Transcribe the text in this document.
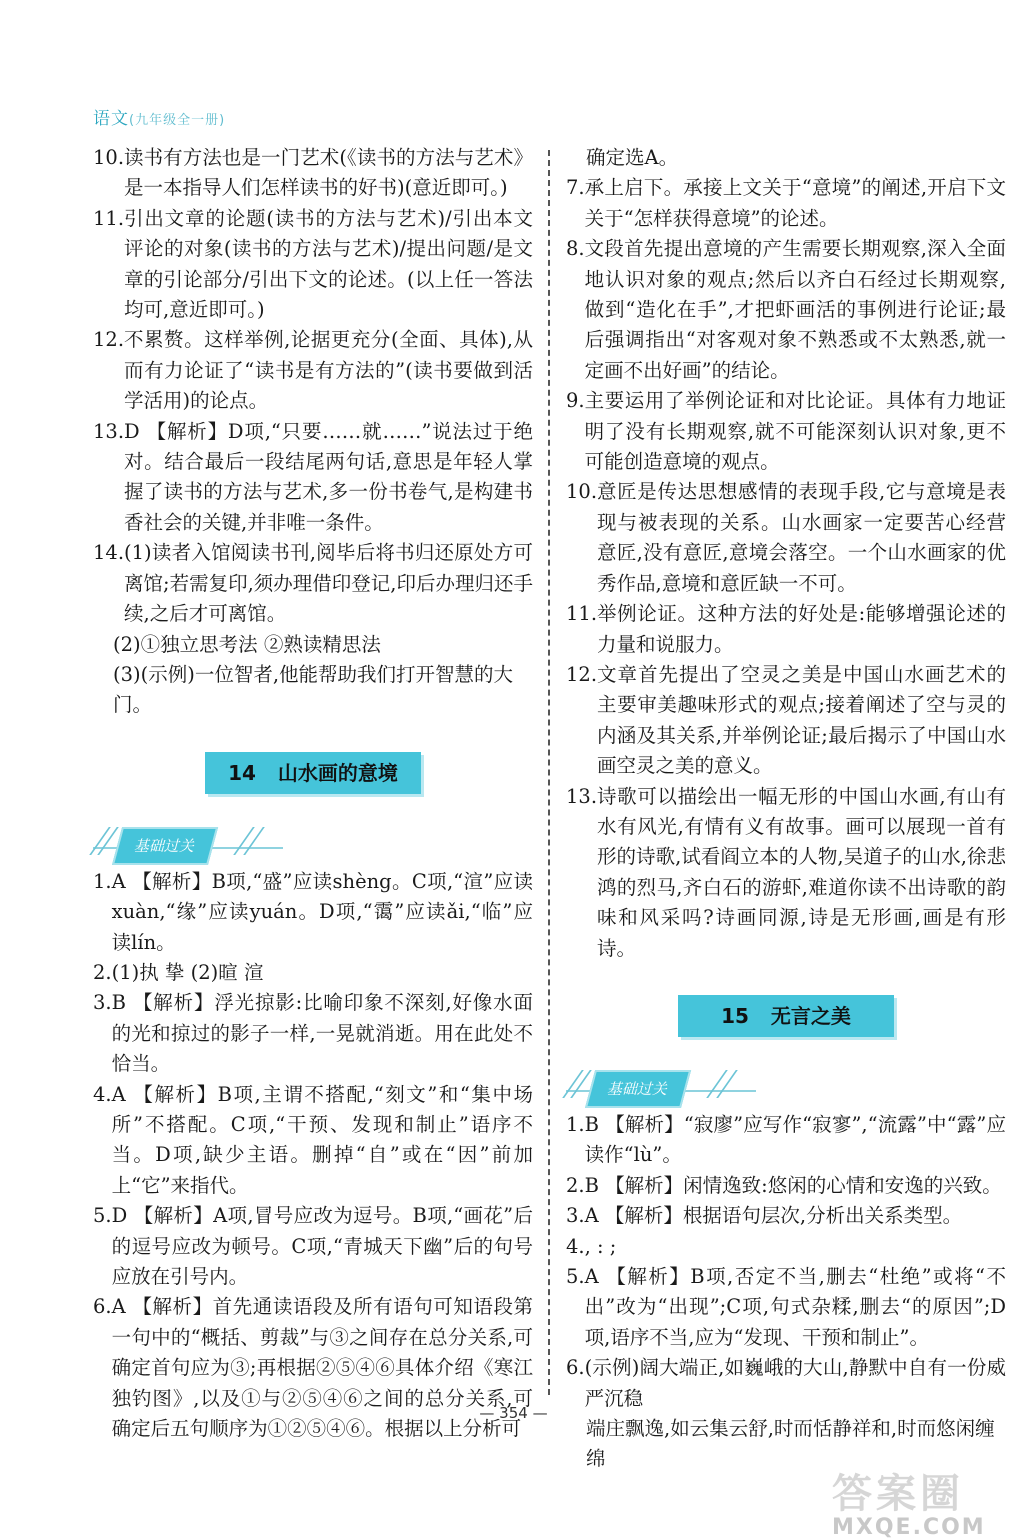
语文(九年级全一册)
10. 读书有方法也是一门艺术(《读书的方法与艺术》是一本指导人们怎样读书的好书)(意近即可。)
11. 引出文章的论题(读书的方法与艺术)/引出本文评论的对象(读书的方法与艺术)/提出问题/是文章的引论部分/引出下文的论述。(以上任一答法均可,意近即可。)
12. 不累赘。这样举例,论据更充分(全面、具体),从而有力论证了“读书是有方法的”(读书要做到活学活用)的论点。
13. D 【解析】D项,“只要……就……”说法过于绝对。结合最后一段结尾两句话,意思是年轻人掌握了读书的方法与艺术,多一份书卷气,是构建书香社会的关键,并非唯一条件。
14. (1)读者入馆阅读书刊,阅毕后将书归还原处方可离馆;若需复印,须办理借印登记,印后办理归还手续,之后才可离馆。
(2)①独立思考法 ②熟读精思法
(3)(示例)一位智者,他能帮助我们打开智慧的大门。
14 山水画的意境
基础过关
1. A 【解析】B项,“盛”应读shèng。C项,“渲”应读xuàn,“缘”应读yuán。D项,“霭”应读ǎi,“临”应读lín。
2. (1)执 挚 (2)暄 渲
3. B 【解析】浮光掠影:比喻印象不深刻,好像水面的光和掠过的影子一样,一晃就消逝。用在此处不恰当。
4. A 【解析】B项,主谓不搭配,“刻文”和“集中场所”不搭配。C项,“干预、发现和制止”语序不当。D项,缺少主语。删掉“自”或在“因”前加上“它”来指代。
5. D 【解析】A项,冒号应改为逗号。B项,“画花”后的逗号应改为顿号。C项,“青城天下幽”后的句号应放在引号内。
6. A 【解析】首先通读语段及所有语句可知语段第一句中的“概括、剪裁”与③之间存在总分关系,可确定首句应为③;再根据②⑤④⑥具体介绍《寒江独钓图》,以及①与②⑤④⑥之间的总分关系,可确定后五句顺序为①②⑤④⑥。根据以上分析可
确定选A。
7. 承上启下。承接上文关于“意境”的阐述,开启下文关于“怎样获得意境”的论述。
8. 文段首先提出意境的产生需要长期观察,深入全面地认识对象的观点;然后以齐白石经过长期观察,做到“造化在手”,才把虾画活的事例进行论证;最后强调指出“对客观对象不熟悉或不太熟悉,就一定画不出好画”的结论。
9. 主要运用了举例论证和对比论证。具体有力地证明了没有长期观察,就不可能深刻认识对象,更不可能创造意境的观点。
10. 意匠是传达思想感情的表现手段,它与意境是表现与被表现的关系。山水画家一定要苦心经营意匠,没有意匠,意境会落空。一个山水画家的优秀作品,意境和意匠缺一不可。
11. 举例论证。这种方法的好处是:能够增强论述的力量和说服力。
12. 文章首先提出了空灵之美是中国山水画艺术的主要审美趣味形式的观点;接着阐述了空与灵的内涵及其关系,并举例论证;最后揭示了中国山水画空灵之美的意义。
13. 诗歌可以描绘出一幅无形的中国山水画,有山有水有风光,有情有义有故事。画可以展现一首有形的诗歌,试看阎立本的人物,吴道子的山水,徐悲鸿的烈马,齐白石的游虾,难道你读不出诗歌的韵味和风采吗?诗画同源,诗是无形画,画是有形诗。
15 无言之美
基础过关
1. B 【解析】“寂廖”应写作“寂寥”,“流露”中“露”应读作“lù”。
2. B 【解析】闲情逸致:悠闲的心情和安逸的兴致。
3. A 【解析】根据语句层次,分析出关系类型。
4. , : ;
5. A 【解析】B项,否定不当,删去“杜绝”或将“不出”改为“出现”;C项,句式杂糅,删去“的原因”;D项,语序不当,应为“发现、干预和制止”。
6. (示例)阔大端正,如巍峨的大山,静默中自有一份威严沉稳
端庄飘逸,如云集云舒,时而恬静祥和,时而悠闲缠绵
— 354 —
答案圈
MXQE.COM
